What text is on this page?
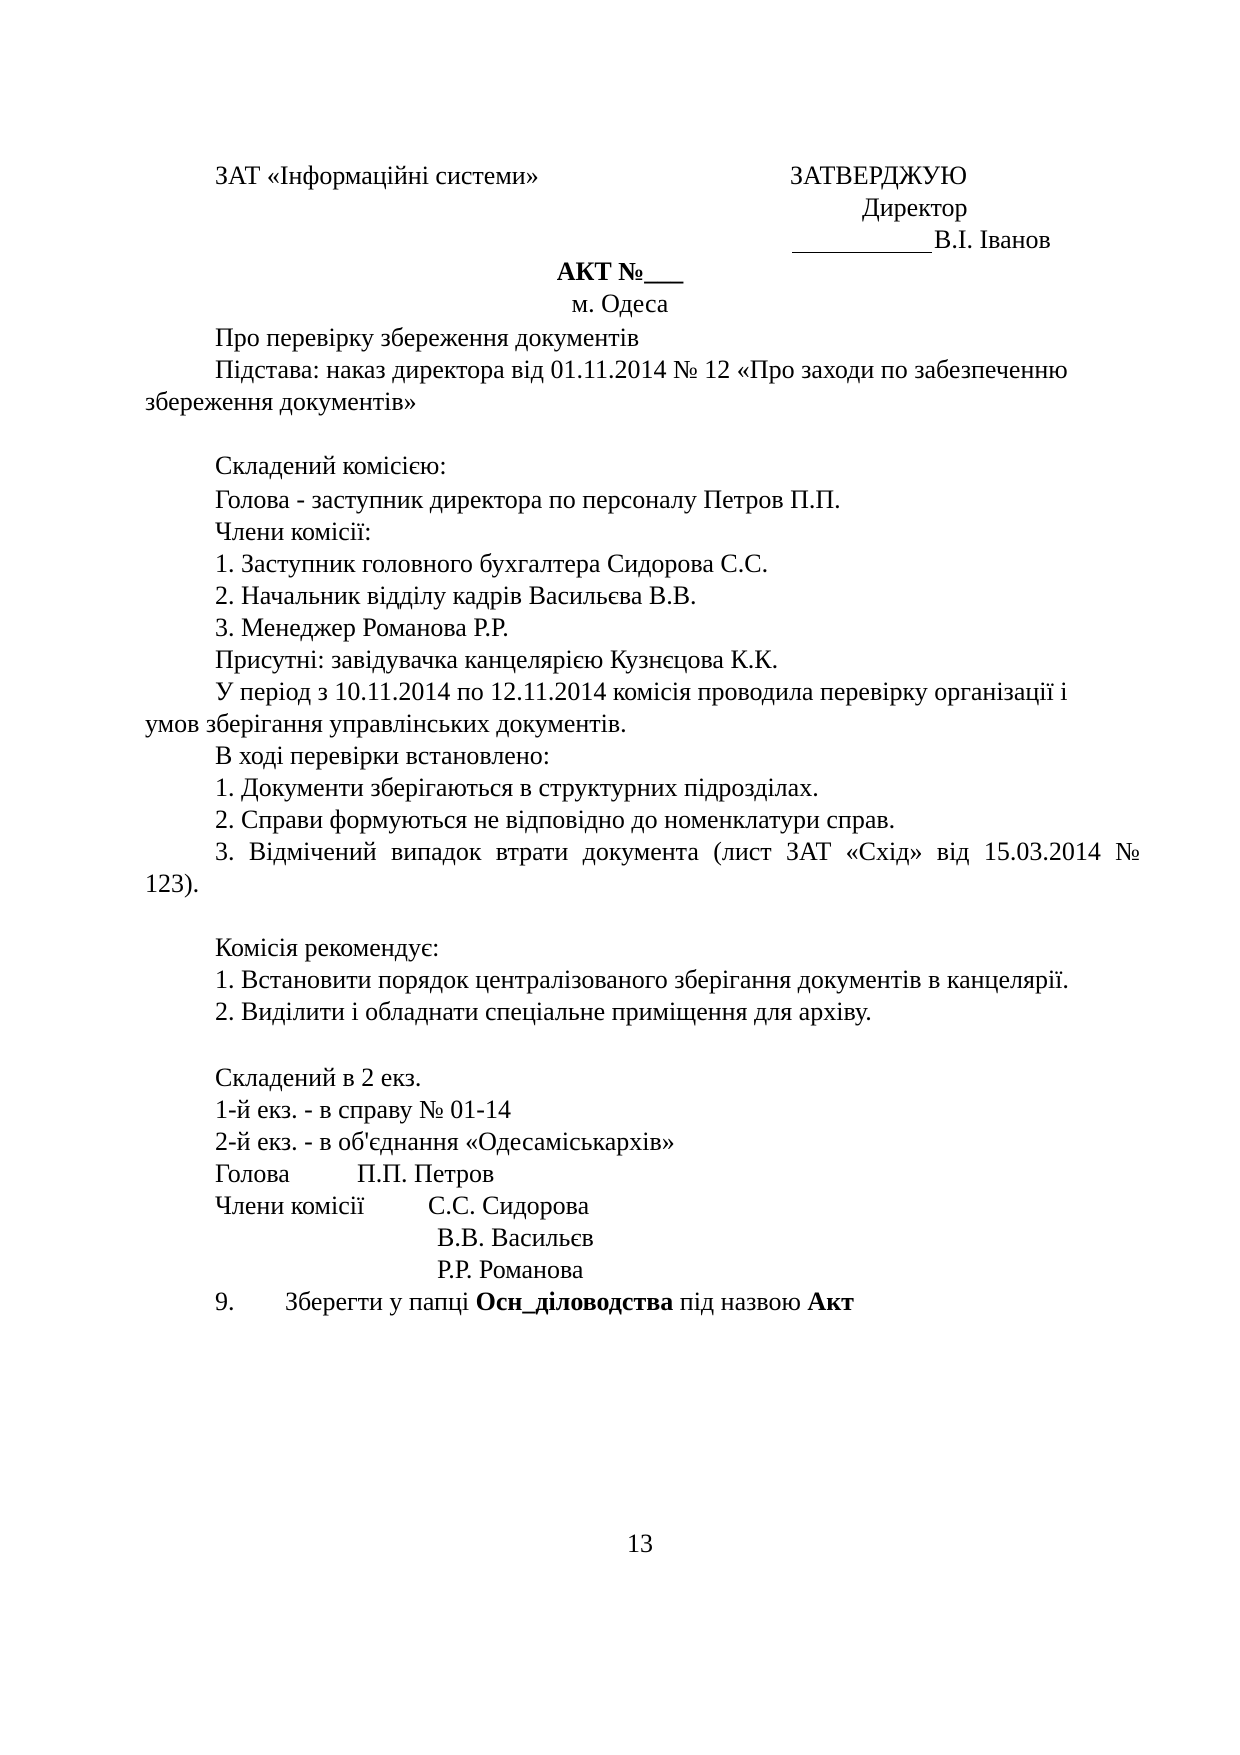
ЗАТ «Інформаційні системи»	ЗАТВЕРДЖУЮ
Директор
В.І. Іванов
АКТ №___
м. Одеса
Про перевірку збереження документів
Підстава: наказ директора від 01.11.2014 № 12 «Про заходи по забезпеченню
збереження документів»
Складений комісією:
Голова - заступник директора по персоналу Петров П.П.
Члени комісії:
1. Заступник головного бухгалтера Сидорова С.С.
2. Начальник відділу кадрів Васильєва В.В.
3. Менеджер Романова Р.Р.
Присутні: завідувачка канцелярією Кузнєцова К.К.
У період з 10.11.2014 по 12.11.2014 комісія проводила перевірку організації і
умов зберігання управлінських документів.
В ході перевірки встановлено:
1. Документи зберігаються в структурних підрозділах.
2. Справи формуються не відповідно до номенклатури справ.
3. Відмічений випадок втрати документа (лист ЗАТ «Схід» від 15.03.2014 №
123).
Комісія рекомендує:
1. Встановити порядок централізованого зберігання документів в канцелярії.
2. Виділити і обладнати спеціальне приміщення для архіву.
Складений в 2 екз.
1-й екз. - в справу № 01-14
2-й екз. - в об'єднання «Одесаміськархів»
Голова	П.П. Петров
Члени комісії С.С. Сидорова
В.В. Васильєв
Р.Р. Романова
9. Зберегти у папці Осн_діловодства під назвою Акт
13
